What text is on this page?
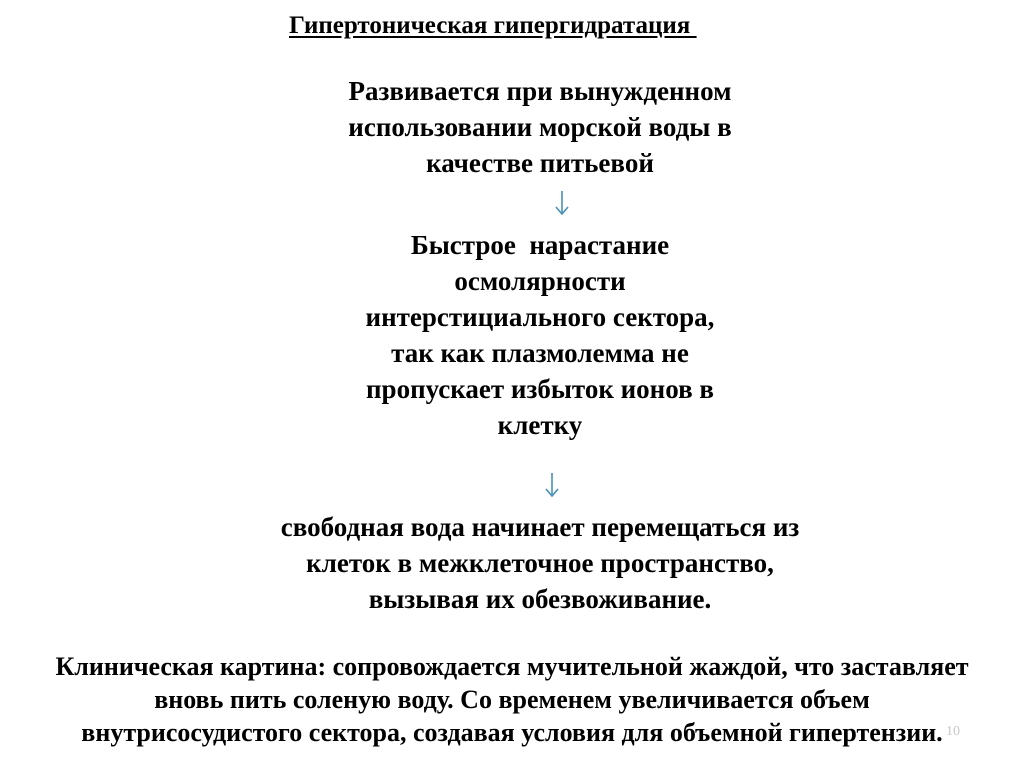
Гипертоническая гипергидратация
Развивается при вынужденном
использовании морской воды в
качестве питьевой
Быстрое  нарастание
осмолярности
интерстициального сектора,
так как плазмолемма не
пропускает избыток ионов в
клетку
свободная вода начинает перемещаться из
клеток в межклеточное пространство,
вызывая их обезвоживание.
Клиническая картина: сопровождается мучительной жаждой, что заставляет
вновь пить соленую воду. Со временем увеличивается объем
внутрисосудистого сектора, создавая условия для объемной гипертензии. 10
